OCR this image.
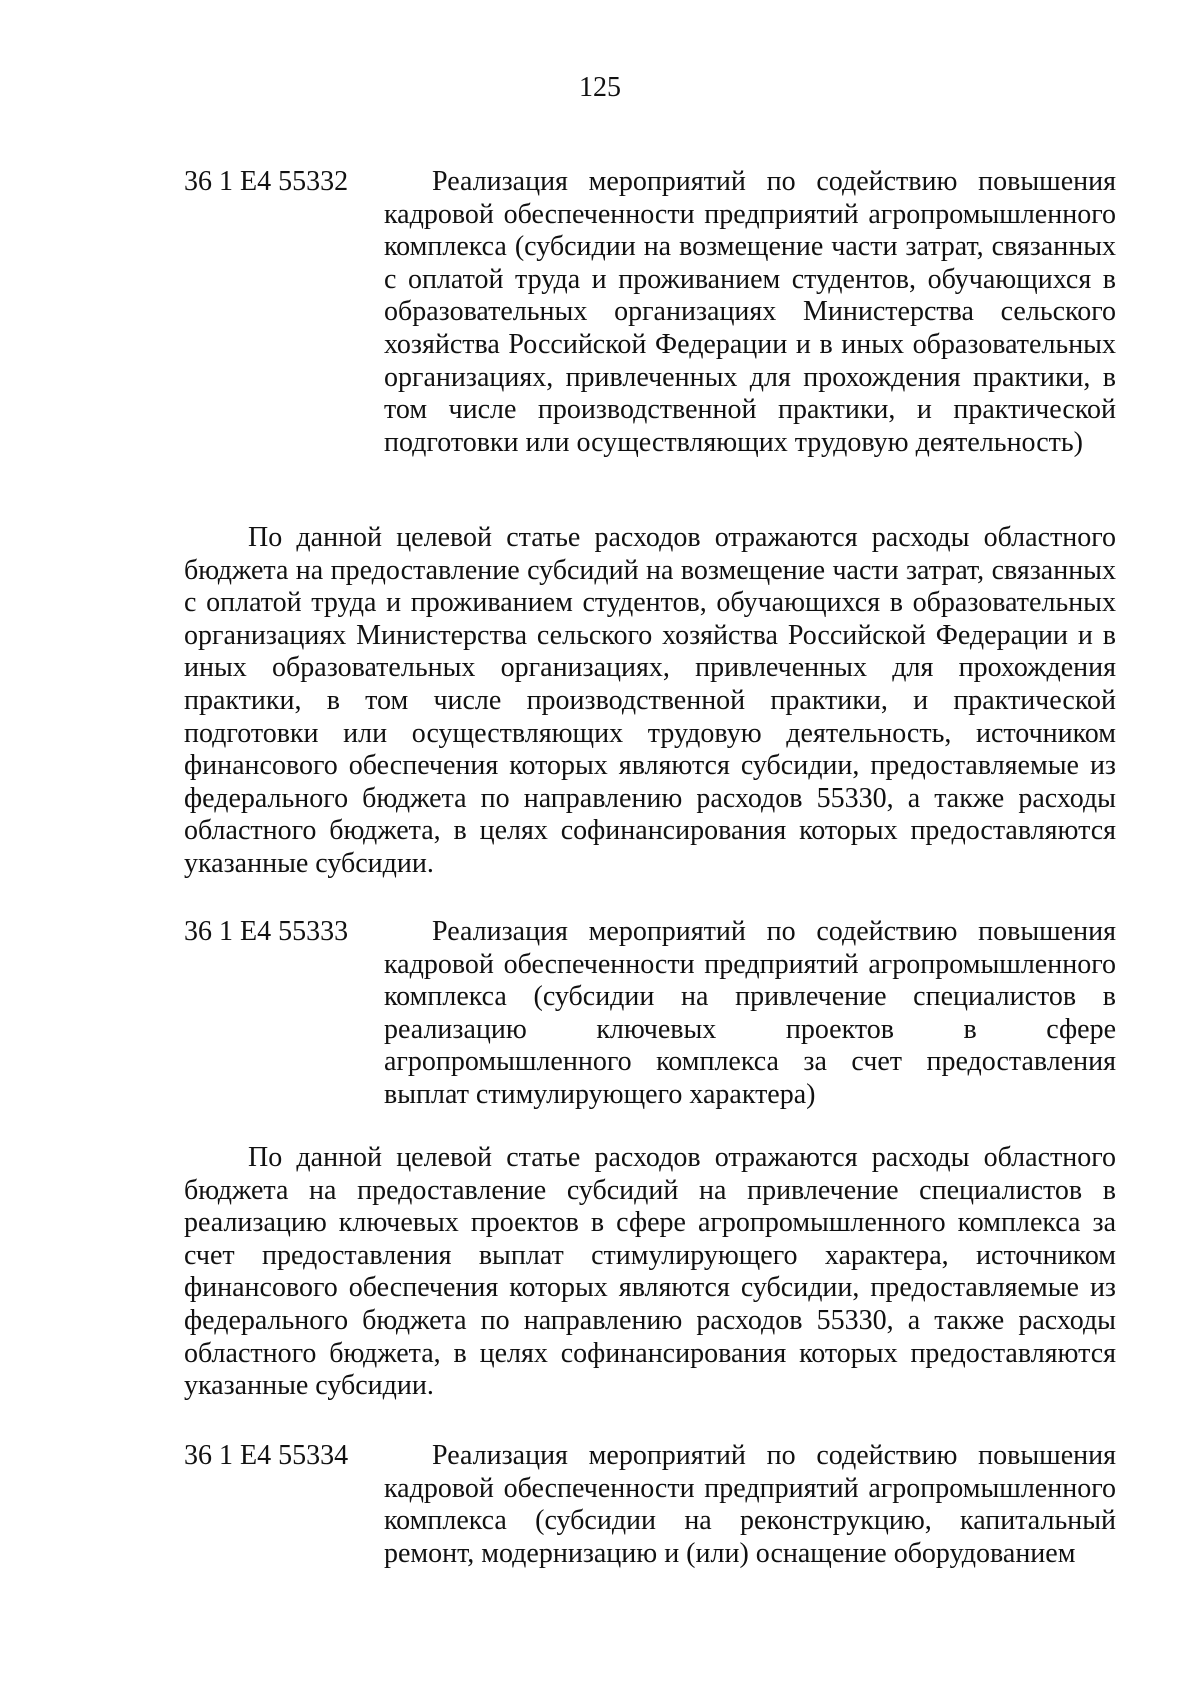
125
36 1 E4 55332	Реализация мероприятий по содействию повышения кадровой обеспеченности предприятий агропромышленного комплекса (субсидии на возмещение части затрат, связанных с оплатой труда и проживанием студентов, обучающихся в образовательных организациях Министерства сельского хозяйства Российской Федерации и в иных образовательных организациях, привлеченных для прохождения практики, в том числе производственной практики, и практической подготовки или осуществляющих трудовую деятельность)
По данной целевой статье расходов отражаются расходы областного бюджета на предоставление субсидий на возмещение части затрат, связанных с оплатой труда и проживанием студентов, обучающихся в образовательных организациях Министерства сельского хозяйства Российской Федерации и в иных образовательных организациях, привлеченных для прохождения практики, в том числе производственной практики, и практической подготовки или осуществляющих трудовую деятельность, источником финансового обеспечения которых являются субсидии, предоставляемые из федерального бюджета по направлению расходов 55330, а также расходы областного бюджета, в целях софинансирования которых предоставляются указанные субсидии.
36 1 E4 55333	Реализация мероприятий по содействию повышения кадровой обеспеченности предприятий агропромышленного комплекса (субсидии на привлечение специалистов в реализацию ключевых проектов в сфере агропромышленного комплекса за счет предоставления выплат стимулирующего характера)
По данной целевой статье расходов отражаются расходы областного бюджета на предоставление субсидий на привлечение специалистов в реализацию ключевых проектов в сфере агропромышленного комплекса за счет предоставления выплат стимулирующего характера, источником финансового обеспечения которых являются субсидии, предоставляемые из федерального бюджета по направлению расходов 55330, а также расходы областного бюджета, в целях софинансирования которых предоставляются указанные субсидии.
36 1 E4 55334	Реализация мероприятий по содействию повышения кадровой обеспеченности предприятий агропромышленного комплекса (субсидии на реконструкцию, капитальный ремонт, модернизацию и (или) оснащение оборудованием
